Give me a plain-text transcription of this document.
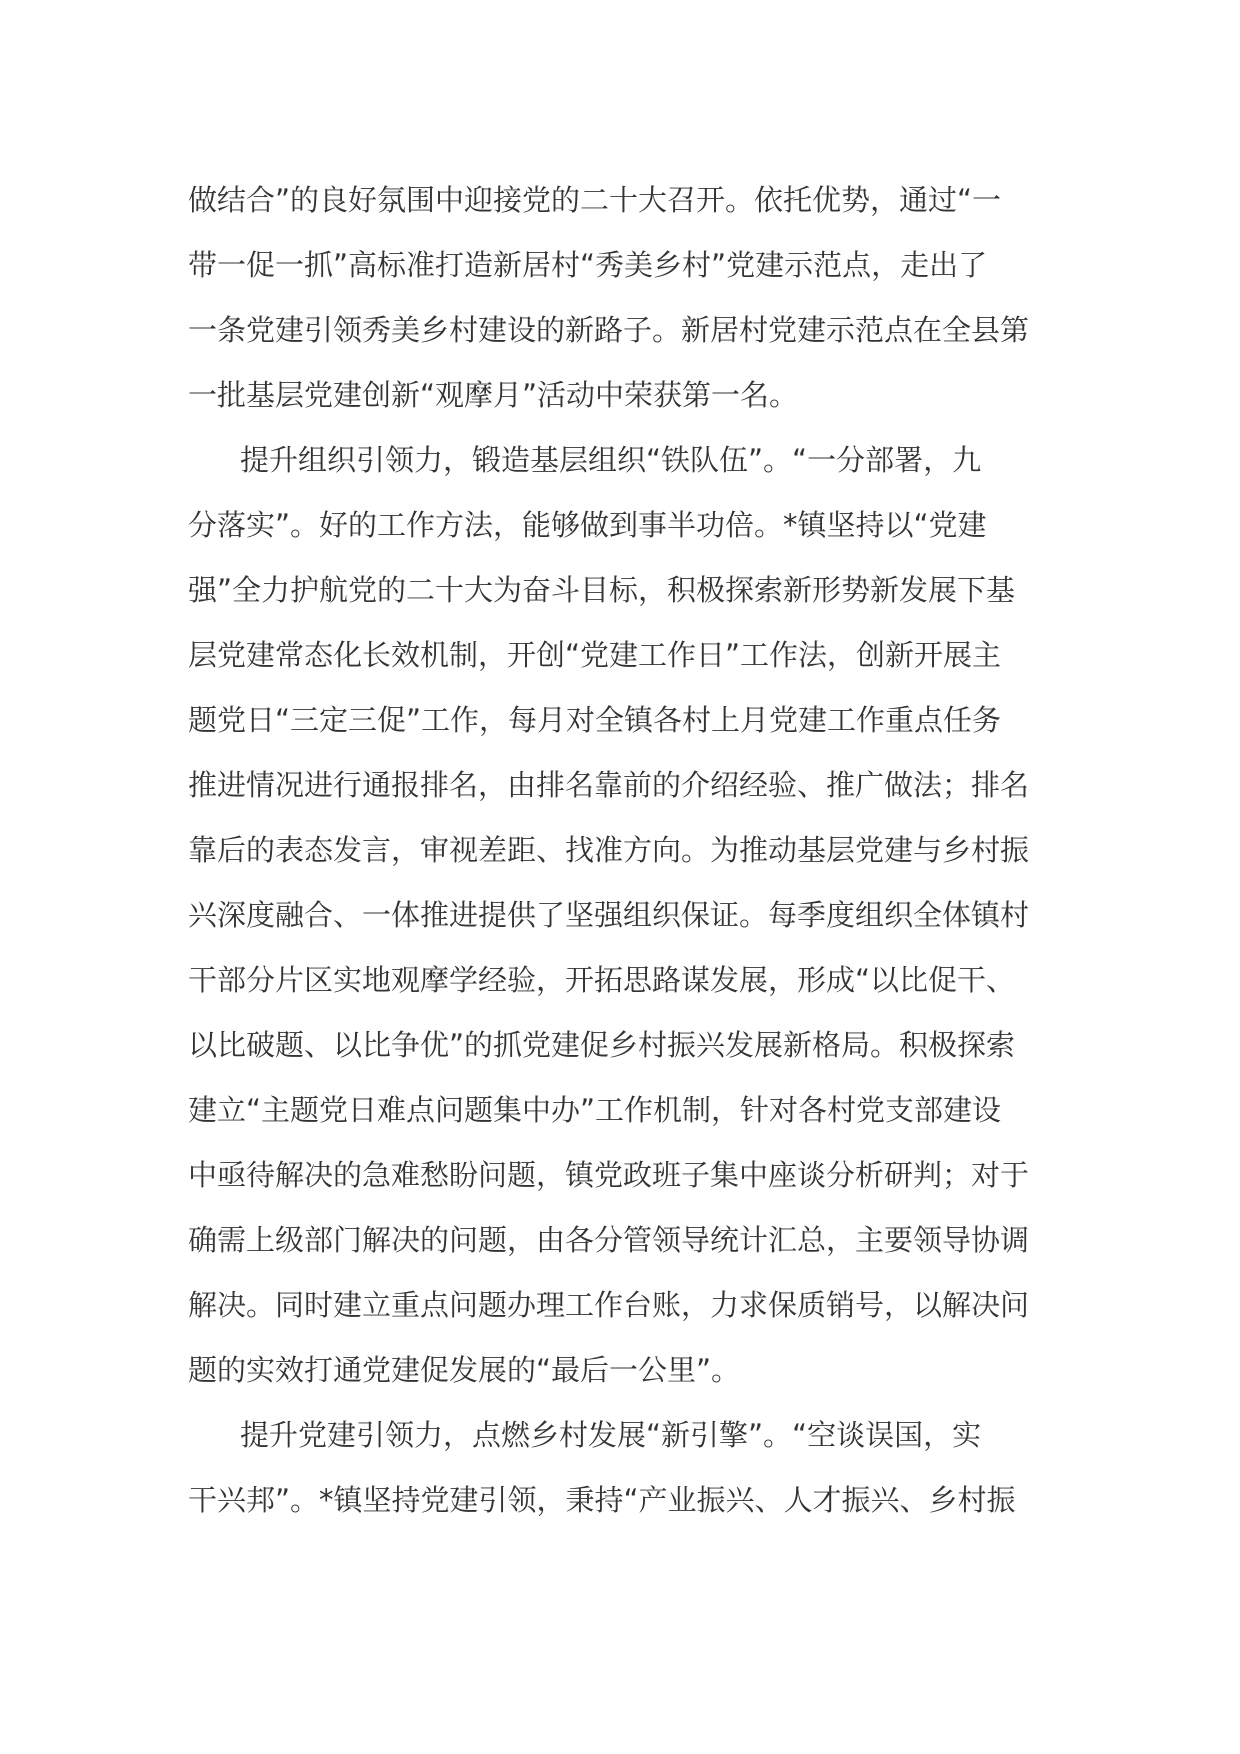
做结合”的良好氛围中迎接党的二十大召开。依托优势，通过“一
带一促一抓”高标准打造新居村“秀美乡村”党建示范点，走出了
一条党建引领秀美乡村建设的新路子。新居村党建示范点在全县第
一批基层党建创新“观摩月”活动中荣获第一名。

提升组织引领力，锻造基层组织“铁队伍”。“一分部署，九
分落实”。好的工作方法，能够做到事半功倍。*镇坚持以“党建
强”全力护航党的二十大为奋斗目标，积极探索新形势新发展下基
层党建常态化长效机制，开创“党建工作日”工作法，创新开展主
题党日“三定三促”工作，每月对全镇各村上月党建工作重点任务
推进情况进行通报排名，由排名靠前的介绍经验、推广做法；排名
靠后的表态发言，审视差距、找准方向。为推动基层党建与乡村振
兴深度融合、一体推进提供了坚强组织保证。每季度组织全体镇村
干部分片区实地观摩学经验，开拓思路谋发展，形成“以比促干、
以比破题、以比争优”的抓党建促乡村振兴发展新格局。积极探索
建立“主题党日难点问题集中办”工作机制，针对各村党支部建设
中亟待解决的急难愁盼问题，镇党政班子集中座谈分析研判；对于
确需上级部门解决的问题，由各分管领导统计汇总，主要领导协调
解决。同时建立重点问题办理工作台账，力求保质销号，以解决问
题的实效打通党建促发展的“最后一公里”。

提升党建引领力，点燃乡村发展“新引擎”。“空谈误国，实
干兴邦”。*镇坚持党建引领，秉持“产业振兴、人才振兴、乡村振
